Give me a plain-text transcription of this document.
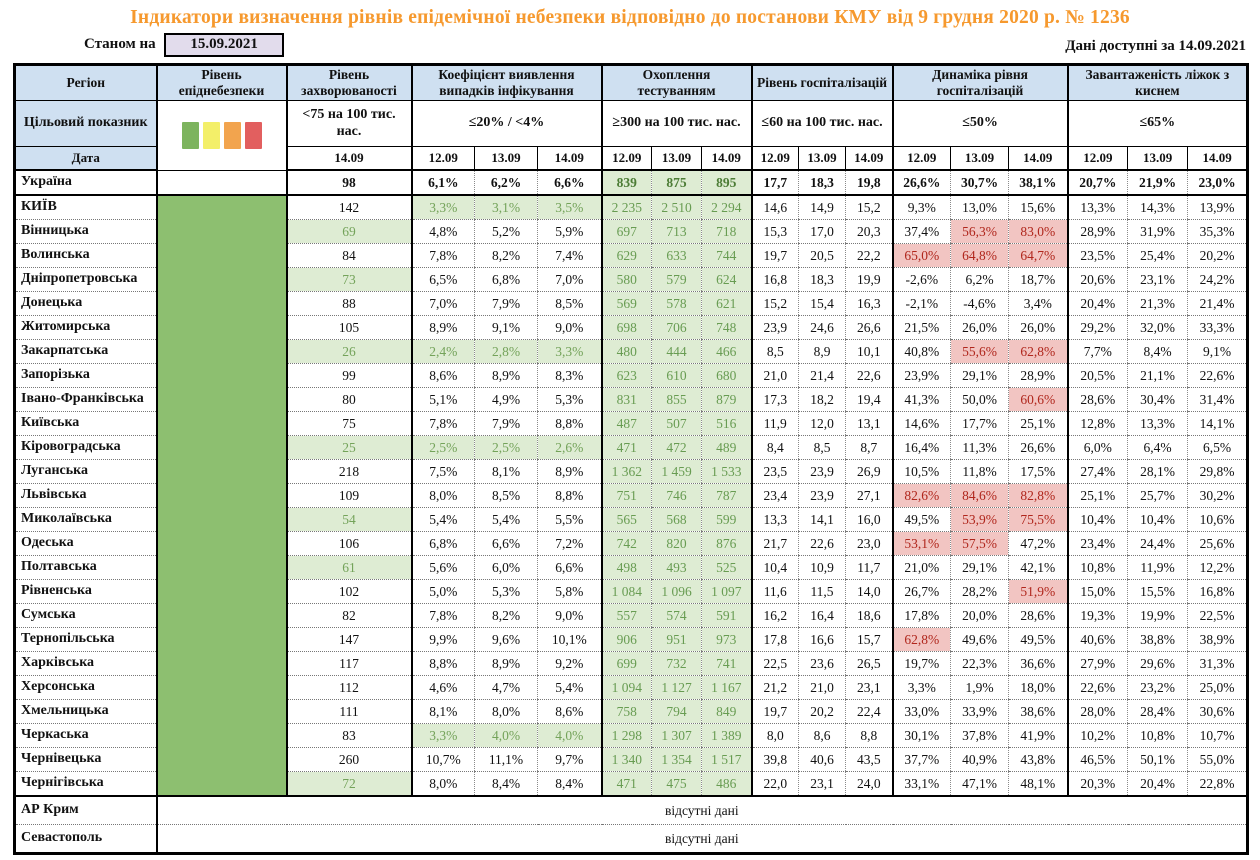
Індикатори визначення рівнів епідемічної небезпеки відповідно до постанови КМУ від 9 грудня 2020 р. № 1236
Станом на 15.09.2021	Дані доступні за 14.09.2021
Регіон	Рівень епіднебезпеки	Рівень захворюваності	Коефіцієнт виявлення випадків інфікування			Охоплення тестуванням			Рівень госпіталізацій			Динаміка рівня госпіталізацій			Завантаженість ліжок з киснем		
Цільовий показник		<75 на 100 тис. нас.	≤20% / <4%			≥300 на 100 тис. нас.			≤60 на 100 тис. нас.			≤50%			≤65%		
Дата		14.09	12.09	13.09	14.09	12.09	13.09	14.09	12.09	13.09	14.09	12.09	13.09	14.09	12.09	13.09	14.09
Україна		98	6,1%	6,2%	6,6%	839	875	895	17,7	18,3	19,8	26,6%	30,7%	38,1%	20,7%	21,9%	23,0%
КИЇВ		142	3,3%	3,1%	3,5%	2 235	2 510	2 294	14,6	14,9	15,2	9,3%	13,0%	15,6%	13,3%	14,3%	13,9%
Вінницька		69	4,8%	5,2%	5,9%	697	713	718	15,3	17,0	20,3	37,4%	56,3%	83,0%	28,9%	31,9%	35,3%
Волинська		84	7,8%	8,2%	7,4%	629	633	744	19,7	20,5	22,2	65,0%	64,8%	64,7%	23,5%	25,4%	20,2%
Дніпропетровська		73	6,5%	6,8%	7,0%	580	579	624	16,8	18,3	19,9	-2,6%	6,2%	18,7%	20,6%	23,1%	24,2%
Донецька		88	7,0%	7,9%	8,5%	569	578	621	15,2	15,4	16,3	-2,1%	-4,6%	3,4%	20,4%	21,3%	21,4%
Житомирська		105	8,9%	9,1%	9,0%	698	706	748	23,9	24,6	26,6	21,5%	26,0%	26,0%	29,2%	32,0%	33,3%
Закарпатська		26	2,4%	2,8%	3,3%	480	444	466	8,5	8,9	10,1	40,8%	55,6%	62,8%	7,7%	8,4%	9,1%
Запорізька		99	8,6%	8,9%	8,3%	623	610	680	21,0	21,4	22,6	23,9%	29,1%	28,9%	20,5%	21,1%	22,6%
Івано-Франківська		80	5,1%	4,9%	5,3%	831	855	879	17,3	18,2	19,4	41,3%	50,0%	60,6%	28,6%	30,4%	31,4%
Київська		75	7,8%	7,9%	8,8%	487	507	516	11,9	12,0	13,1	14,6%	17,7%	25,1%	12,8%	13,3%	14,1%
Кіровоградська		25	2,5%	2,5%	2,6%	471	472	489	8,4	8,5	8,7	16,4%	11,3%	26,6%	6,0%	6,4%	6,5%
Луганська		218	7,5%	8,1%	8,9%	1 362	1 459	1 533	23,5	23,9	26,9	10,5%	11,8%	17,5%	27,4%	28,1%	29,8%
Львівська		109	8,0%	8,5%	8,8%	751	746	787	23,4	23,9	27,1	82,6%	84,6%	82,8%	25,1%	25,7%	30,2%
Миколаївська		54	5,4%	5,4%	5,5%	565	568	599	13,3	14,1	16,0	49,5%	53,9%	75,5%	10,4%	10,4%	10,6%
Одеська		106	6,8%	6,6%	7,2%	742	820	876	21,7	22,6	23,0	53,1%	57,5%	47,2%	23,4%	24,4%	25,6%
Полтавська		61	5,6%	6,0%	6,6%	498	493	525	10,4	10,9	11,7	21,0%	29,1%	42,1%	10,8%	11,9%	12,2%
Рівненська		102	5,0%	5,3%	5,8%	1 084	1 096	1 097	11,6	11,5	14,0	26,7%	28,2%	51,9%	15,0%	15,5%	16,8%
Сумська		82	7,8%	8,2%	9,0%	557	574	591	16,2	16,4	18,6	17,8%	20,0%	28,6%	19,3%	19,9%	22,5%
Тернопільська		147	9,9%	9,6%	10,1%	906	951	973	17,8	16,6	15,7	62,8%	49,6%	49,5%	40,6%	38,8%	38,9%
Харківська		117	8,8%	8,9%	9,2%	699	732	741	22,5	23,6	26,5	19,7%	22,3%	36,6%	27,9%	29,6%	31,3%
Херсонська		112	4,6%	4,7%	5,4%	1 094	1 127	1 167	21,2	21,0	23,1	3,3%	1,9%	18,0%	22,6%	23,2%	25,0%
Хмельницька		111	8,1%	8,0%	8,6%	758	794	849	19,7	20,2	22,4	33,0%	33,9%	38,6%	28,0%	28,4%	30,6%
Черкаська		83	3,3%	4,0%	4,0%	1 298	1 307	1 389	8,0	8,6	8,8	30,1%	37,8%	41,9%	10,2%	10,8%	10,7%
Чернівецька		260	10,7%	11,1%	9,7%	1 340	1 354	1 517	39,8	40,6	43,5	37,7%	40,9%	43,8%	46,5%	50,1%	55,0%
Чернігівська		72	8,0%	8,4%	8,4%	471	475	486	22,0	23,1	24,0	33,1%	47,1%	48,1%	20,3%	20,4%	22,8%
АР Крим	відсутні дані																
Севастополь	відсутні дані																
